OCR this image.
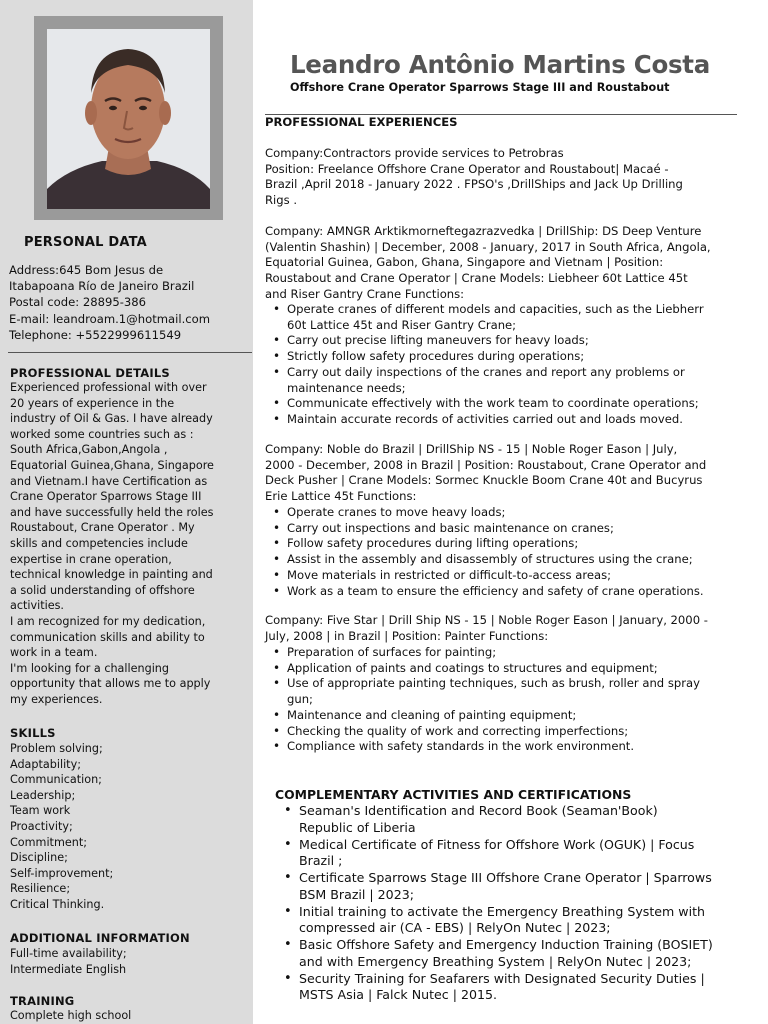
PERSONAL DATA
Address:645 Bom Jesus de
Itabapoana Río de Janeiro Brazil
Postal code: 28895-386
E-mail: leandroam.1@hotmail.com
Telephone: +5522999611549
PROFESSIONAL DETAILS
Experienced professional with over
20 years of experience in the
industry of Oil & Gas. I have already
worked some countries such as :
South Africa,Gabon,Angola ,
Equatorial Guinea,Ghana, Singapore
and Vietnam.I have Certification as
Crane Operator Sparrows Stage III
and have successfully held the roles
Roustabout, Crane Operator . My
skills and competencies include
expertise in crane operation,
technical knowledge in painting and
a solid understanding of offshore
activities.
I am recognized for my dedication,
communication skills and ability to
work in a team.
I'm looking for a challenging
opportunity that allows me to apply
my experiences.
SKILLS
Problem solving;
Adaptability;
Communication;
Leadership;
Team work
Proactivity;
Commitment;
Discipline;
Self-improvement;
Resilience;
Critical Thinking.
ADDITIONAL INFORMATION
Full-time availability;
Intermediate English
TRAINING
Complete high school
Leandro Antônio Martins Costa
Offshore Crane Operator Sparrows Stage III and Roustabout
PROFESSIONAL EXPERIENCES
Company:Contractors provide services to Petrobras
Position: Freelance Offshore Crane Operator and Roustabout| Macaé -
Brazil ,April 2018 - January 2022 . FPSO's ,DrillShips and Jack Up Drilling
Rigs .
Company: AMNGR Arktikmorneftegazrazvedka | DrillShip: DS Deep Venture
(Valentin Shashin) | December, 2008 - January, 2017 in South Africa, Angola,
Equatorial Guinea, Gabon, Ghana, Singapore and Vietnam | Position:
Roustabout and Crane Operator | Crane Models: Liebheer 60t Lattice 45t
and Riser Gantry Crane Functions:
• Operate cranes of different models and capacities, such as the Liebherr
60t Lattice 45t and Riser Gantry Crane;
• Carry out precise lifting maneuvers for heavy loads;
• Strictly follow safety procedures during operations;
• Carry out daily inspections of the cranes and report any problems or
maintenance needs;
• Communicate effectively with the work team to coordinate operations;
• Maintain accurate records of activities carried out and loads moved.
Company: Noble do Brazil | DrillShip NS - 15 | Noble Roger Eason | July,
2000 - December, 2008 in Brazil | Position: Roustabout, Crane Operator and
Deck Pusher | Crane Models: Sormec Knuckle Boom Crane 40t and Bucyrus
Erie Lattice 45t Functions:
• Operate cranes to move heavy loads;
• Carry out inspections and basic maintenance on cranes;
• Follow safety procedures during lifting operations;
• Assist in the assembly and disassembly of structures using the crane;
• Move materials in restricted or difficult-to-access areas;
• Work as a team to ensure the efficiency and safety of crane operations.
Company: Five Star | Drill Ship NS - 15 | Noble Roger Eason | January, 2000 -
July, 2008 | in Brazil | Position: Painter Functions:
• Preparation of surfaces for painting;
• Application of paints and coatings to structures and equipment;
• Use of appropriate painting techniques, such as brush, roller and spray
gun;
• Maintenance and cleaning of painting equipment;
• Checking the quality of work and correcting imperfections;
• Compliance with safety standards in the work environment.
COMPLEMENTARY ACTIVITIES AND CERTIFICATIONS
• Seaman's Identification and Record Book (Seaman'Book)
Republic of Liberia
• Medical Certificate of Fitness for Offshore Work (OGUK) | Focus
Brazil ;
• Certificate Sparrows Stage III Offshore Crane Operator | Sparrows
BSM Brazil | 2023;
• Initial training to activate the Emergency Breathing System with
compressed air (CA - EBS) | RelyOn Nutec | 2023;
• Basic Offshore Safety and Emergency Induction Training (BOSIET)
and with Emergency Breathing System | RelyOn Nutec | 2023;
• Security Training for Seafarers with Designated Security Duties |
MSTS Asia | Falck Nutec | 2015.
